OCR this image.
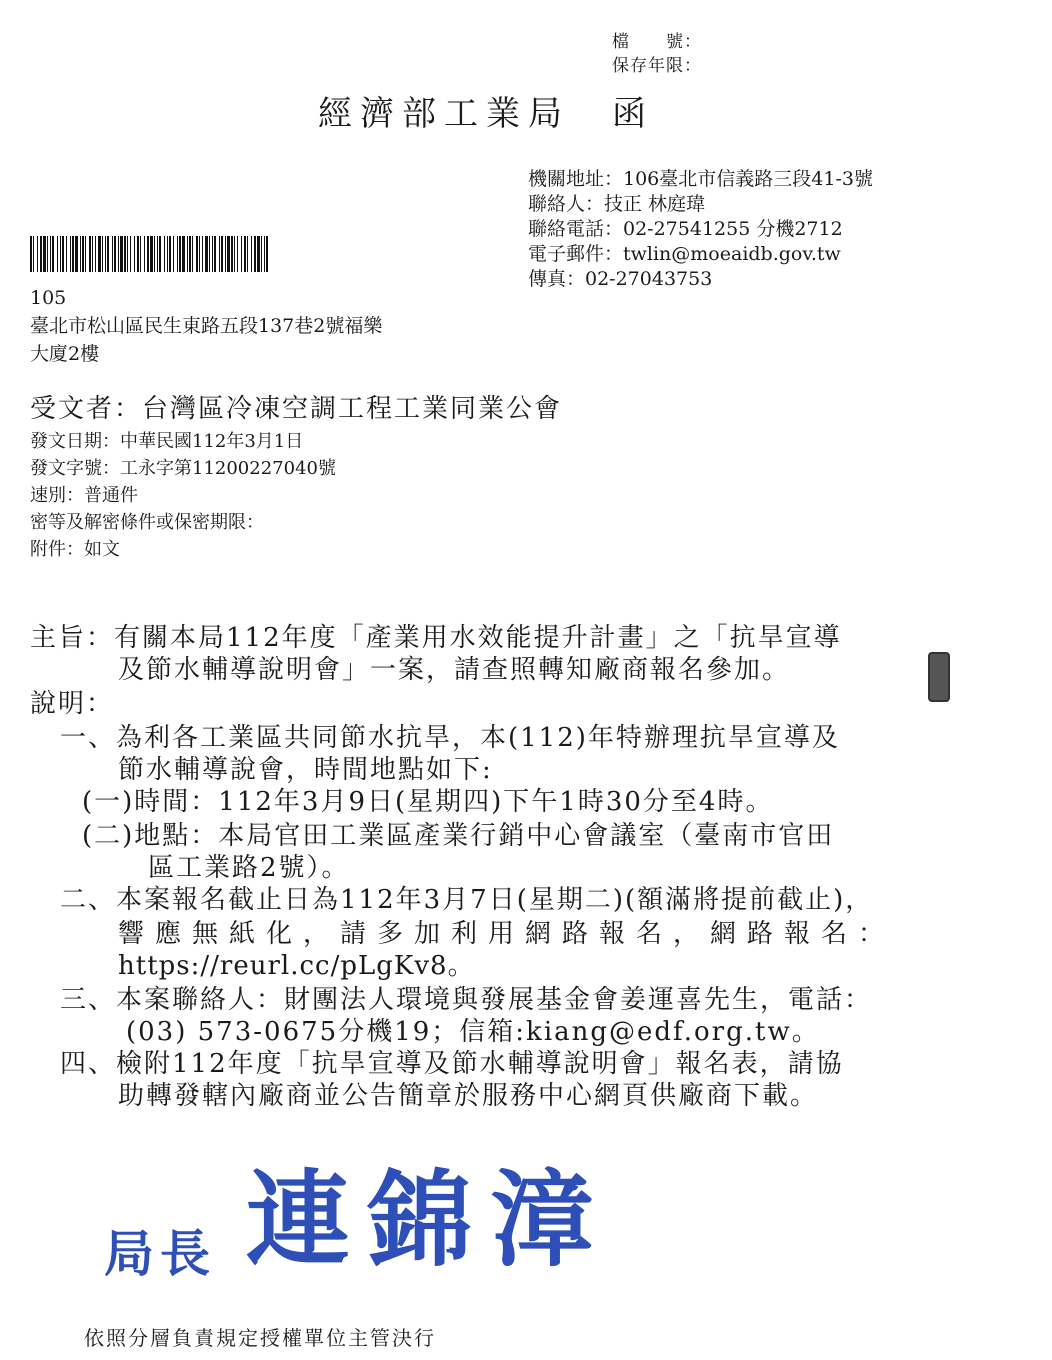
檔　　號：
保存年限：
經濟部工業局　函
機關地址：106臺北市信義路三段41-3號
聯絡人：技正 林庭瑋
聯絡電話：02-27541255 分機2712
電子郵件：twlin@moeaidb.gov.tw
傳真：02-27043753
105
臺北市松山區民生東路五段137巷2號福樂
大廈2樓
受文者：台灣區冷凍空調工程工業同業公會
發文日期：中華民國112年3月1日
發文字號：工永字第11200227040號
速別：普通件
密等及解密條件或保密期限：
附件：如文
主旨：有關本局112年度「產業用水效能提升計畫」之「抗旱宣導
及節水輔導說明會」一案，請查照轉知廠商報名參加。
說明：
一、為利各工業區共同節水抗旱，本(112)年特辦理抗旱宣導及
節水輔導說會，時間地點如下:
(一)時間：112年3月9日(星期四)下午1時30分至4時。
(二)地點：本局官田工業區產業行銷中心會議室（臺南市官田
區工業路2號）。
二、本案報名截止日為112年3月7日(星期二)(額滿將提前截止)，
響應無紙化，請多加利用網路報名，網路報名：
https://reurl.cc/pLgKv8。
三、本案聯絡人：財團法人環境與發展基金會姜運喜先生，電話：
(03) 573-0675分機19；信箱:kiang@edf.org.tw。
四、檢附112年度「抗旱宣導及節水輔導說明會」報名表，請協
助轉發轄內廠商並公告簡章於服務中心網頁供廠商下載。
局長 連錦漳
依照分層負責規定授權單位主管決行
